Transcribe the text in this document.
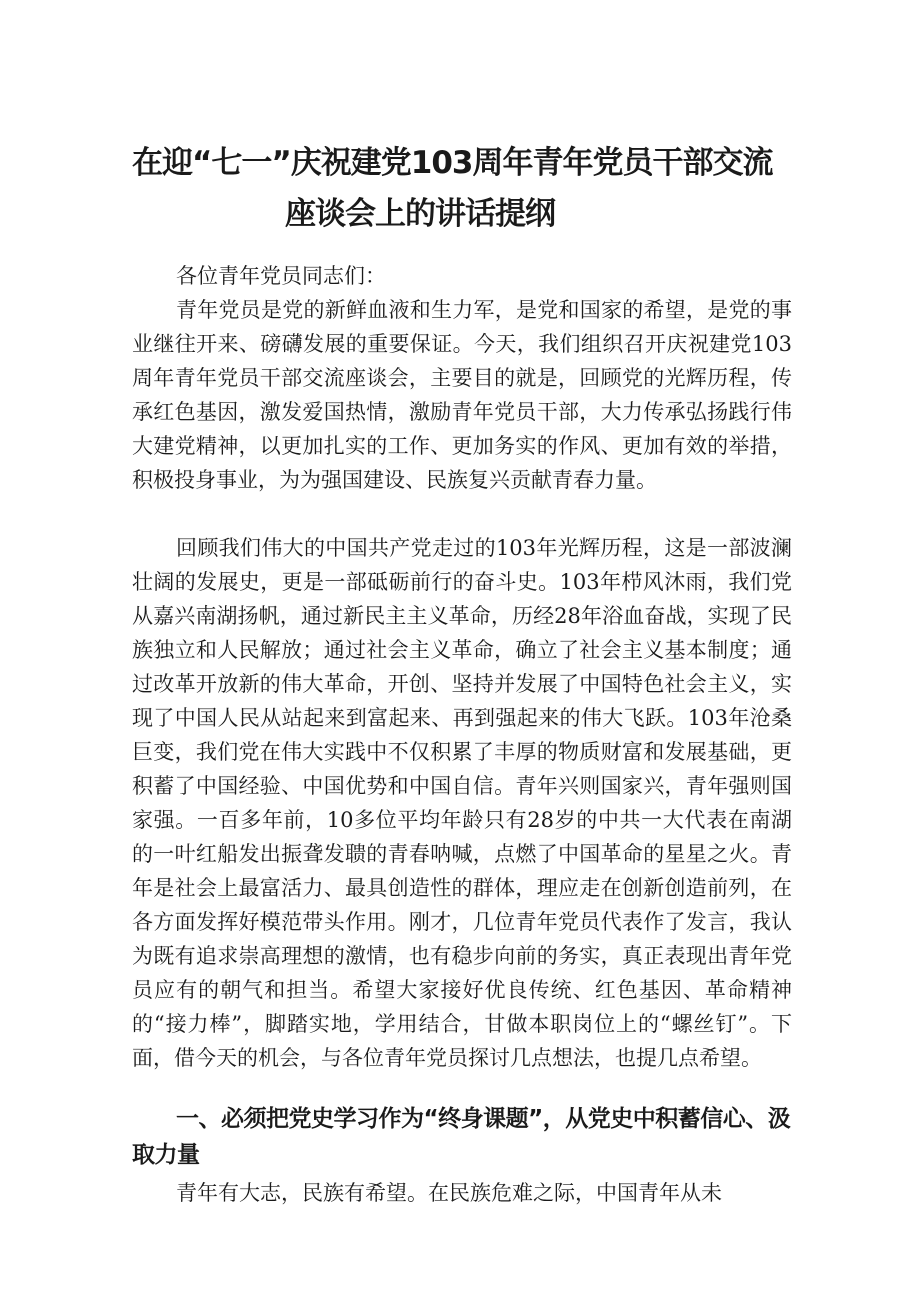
在迎“七一”庆祝建党103周年青年党员干部交流
座谈会上的讲话提纲

各位青年党员同志们：

青年党员是党的新鲜血液和生力军，是党和国家的希望，是党的事业继往开来、磅礴发展的重要保证。今天，我们组织召开庆祝建党103周年青年党员干部交流座谈会，主要目的就是，回顾党的光辉历程，传承红色基因，激发爱国热情，激励青年党员干部，大力传承弘扬践行伟大建党精神，以更加扎实的工作、更加务实的作风、更加有效的举措，积极投身事业，为为强国建设、民族复兴贡献青春力量。

回顾我们伟大的中国共产党走过的103年光辉历程，这是一部波澜壮阔的发展史，更是一部砥砺前行的奋斗史。103年栉风沐雨，我们党从嘉兴南湖扬帆，通过新民主主义革命，历经28年浴血奋战，实现了民族独立和人民解放；通过社会主义革命，确立了社会主义基本制度；通过改革开放新的伟大革命，开创、坚持并发展了中国特色社会主义，实现了中国人民从站起来到富起来、再到强起来的伟大飞跃。103年沧桑巨变，我们党在伟大实践中不仅积累了丰厚的物质财富和发展基础，更积蓄了中国经验、中国优势和中国自信。青年兴则国家兴，青年强则国家强。一百多年前，10多位平均年龄只有28岁的中共一大代表在南湖的一叶红船发出振聋发聩的青春呐喊，点燃了中国革命的星星之火。青年是社会上最富活力、最具创造性的群体，理应走在创新创造前列，在各方面发挥好模范带头作用。刚才，几位青年党员代表作了发言，我认为既有追求崇高理想的激情，也有稳步向前的务实，真正表现出青年党员应有的朝气和担当。希望大家接好优良传统、红色基因、革命精神的“接力棒”，脚踏实地，学用结合，甘做本职岗位上的“螺丝钉”。下面，借今天的机会，与各位青年党员探讨几点想法，也提几点希望。

一、必须把党史学习作为“终身课题”，从党史中积蓄信心、汲取力量

青年有大志，民族有希望。在民族危难之际，中国青年从未
